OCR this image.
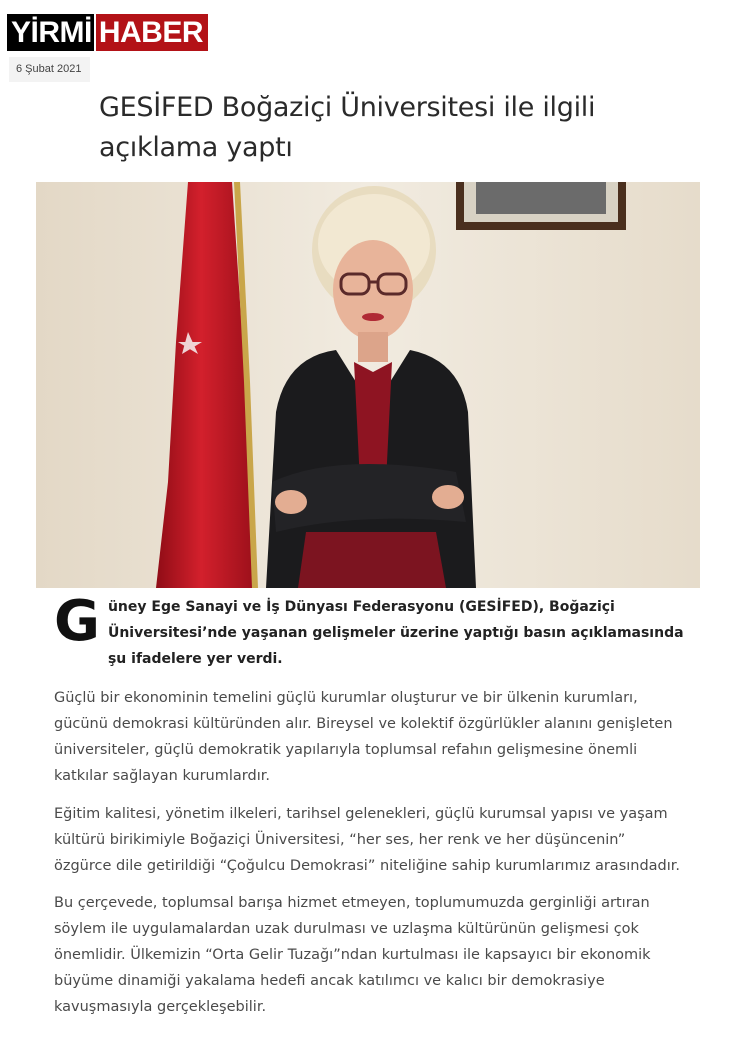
YİRMİ HABER
6 Şubat 2021
GESİFED Boğaziçi Üniversitesi ile ilgili açıklama yaptı
Güney Ege Sanayi ve İş Dünyası Federasyonu (GESİFED), Boğaziçi Üniversitesi’nde yaşanan gelişmeler üzerine yaptığı basın açıklamasında şu ifadelere yer verdi.

Güçlü bir ekonominin temelini güçlü kurumlar oluşturur ve bir ülkenin kurumları, gücünü demokrasi kültüründen alır. Bireysel ve kolektif özgürlükler alanını genişleten üniversiteler, güçlü demokratik yapılarıyla toplumsal refahın gelişmesine önemli katkılar sağlayan kurumlardır.

Eğitim kalitesi, yönetim ilkeleri, tarihsel gelenekleri, güçlü kurumsal yapısı ve yaşam kültürü birikimiyle Boğaziçi Üniversitesi, “her ses, her renk ve her düşüncenin” özgürce dile getirildiği “Çoğulcu Demokrasi” niteliğine sahip kurumlarımız arasındadır.

Bu çerçevede, toplumsal barışa hizmet etmeyen, toplumumuzda gerginliği artıran söylem ile uygulamalardan uzak durulması ve uzlaşma kültürünün gelişmesi çok önemlidir. Ülkemizin “Orta Gelir Tuzağı”ndan kurtulması ile kapsayıcı bir ekonomik büyüme dinamiği yakalama hedefi ancak katılımcı ve kalıcı bir demokrasiye kavuşmasıyla gerçekleşebilir.
